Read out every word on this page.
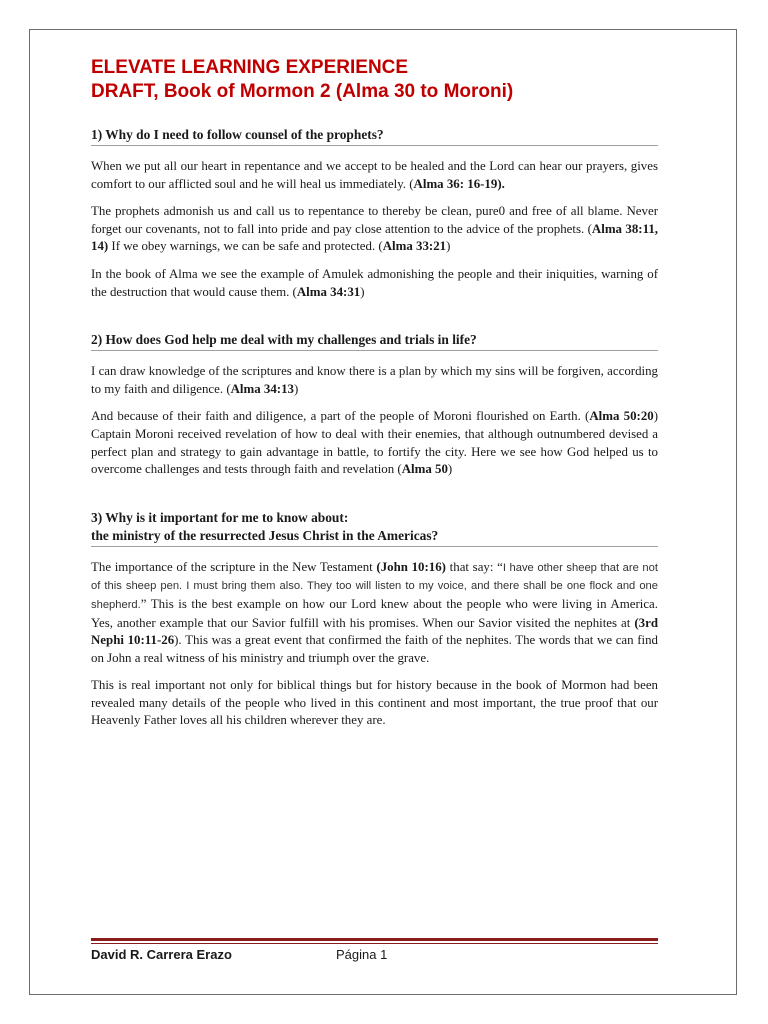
ELEVATE LEARNING EXPERIENCE
DRAFT, Book of Mormon 2 (Alma 30 to Moroni)
1) Why do I need to follow counsel of the prophets?

When we put all our heart in repentance and we accept to be healed and the Lord can hear our prayers, gives comfort to our afflicted soul and he will heal us immediately. (Alma 36: 16-19).

The prophets admonish us and call us to repentance to thereby be clean, pure0 and free of all blame. Never forget our covenants, not to fall into pride and pay close attention to the advice of the prophets. (Alma 38:11, 14) If we obey warnings, we can be safe and protected. (Alma 33:21)

In the book of Alma we see the example of Amulek admonishing the people and their iniquities, warning of the destruction that would cause them. (Alma 34:31)

2) How does God help me deal with my challenges and trials in life?

I can draw knowledge of the scriptures and know there is a plan by which my sins will be forgiven, according to my faith and diligence. (Alma 34:13)

And because of their faith and diligence, a part of the people of Moroni flourished on Earth. (Alma 50:20) Captain Moroni received revelation of how to deal with their enemies, that although outnumbered devised a perfect plan and strategy to gain advantage in battle, to fortify the city. Here we see how God helped us to overcome challenges and tests through faith and revelation (Alma 50)

3) Why is it important for me to know about:
the ministry of the resurrected Jesus Christ in the Americas?

The importance of the scripture in the New Testament (John 10:16) that say: “I have other sheep that are not of this sheep pen. I must bring them also. They too will listen to my voice, and there shall be one flock and one shepherd.” This is the best example on how our Lord knew about the people who were living in America. Yes, another example that our Savior fulfill with his promises. When our Savior visited the nephites at (3rd Nephi 10:11-26). This was a great event that confirmed the faith of the nephites. The words that we can find on John a real witness of his ministry and triumph over the grave.

This is real important not only for biblical things but for history because in the book of Mormon had been revealed many details of the people who lived in this continent and most important, the true proof that our Heavenly Father loves all his children wherever they are.

David R. Carrera Erazo	Página 1
